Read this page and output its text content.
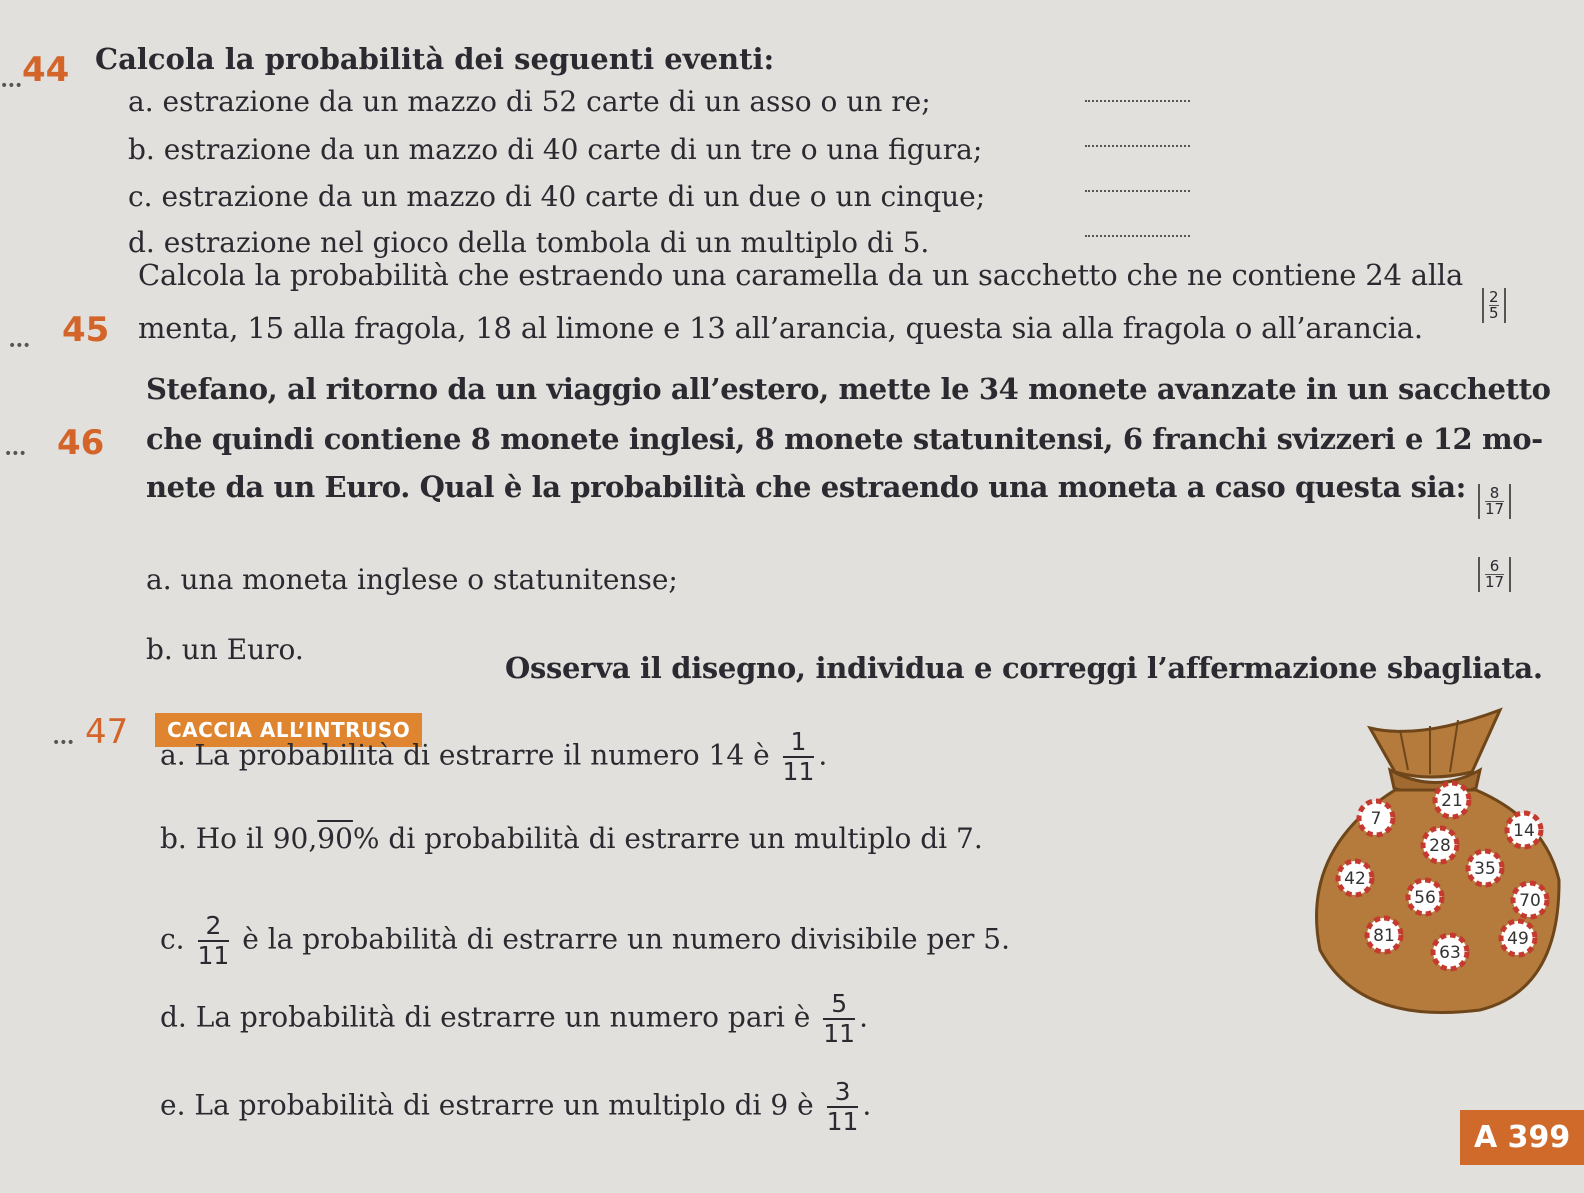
••• 44 Calcola la probabilità dei seguenti eventi:
a. estrazione da un mazzo di 52 carte di un asso o un re;
b. estrazione da un mazzo di 40 carte di un tre o una figura;
c. estrazione da un mazzo di 40 carte di un due o un cinque;
d. estrazione nel gioco della tombola di un multiplo di 5.
••• 45
Calcola la probabilità che estraendo una caramella da un sacchetto che ne contiene 24 alla
menta, 15 alla fragola, 18 al limone e 13 all’arancia, questa sia alla fragola o all’arancia.
2
5
••• 46
Stefano, al ritorno da un viaggio all’estero, mette le 34 monete avanzate in un sacchetto
che quindi contiene 8 monete inglesi, 8 monete statunitensi, 6 franchi svizzeri e 12 mo-
nete da un Euro. Qual è la probabilità che estraendo una moneta a caso questa sia:	8
17
a. una moneta inglese o statunitense;	6
17
b. un Euro.
••• 47	CACCIA ALL’INTRUSO
Osserva il disegno, individua e correggi l’affermazione sbagliata.
a. La probabilità di estrarre il numero 14 è $\frac{1}{11}$ .
b. Ho il 90,90% di probabilità di estrarre un multiplo di 7.
c. $\frac{2}{11}$ è la probabilità di estrarre un numero divisibile per 5.
d. La probabilità di estrarre un numero pari è $\frac{5}{11}$ .
e. La probabilità di estrarre un multiplo di 9 è $\frac{3}{11}$ .
21
7
14
28
35
42
56	70
81	49
63
A 399
